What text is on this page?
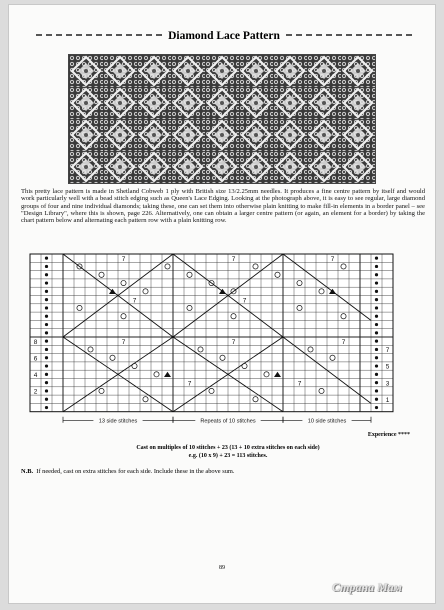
Diamond Lace Pattern
This pretty lace pattern is made in Shetland Cobweb 1 ply with British size 13/2.25mm needles. It produces a fine centre pattern by itself and would work particularly well with a bead stitch edging such as Queen's Lace Edging. Looking at the photograph above, it is easy to see regular, large diamond groups of four and nine individual diamonds; taking these, one can set them into otherwise plain knitting to make fill-in elements in a border panel – see "Design Library", where this is shown, page 226. Alternatively, one can obtain a larger centre pattern (or again, an element for a border) by taking the chart pattern below and alternating each pattern row with a plain knitting row.
7	7	7
7	7	7
7	7
7	7
8
6
4
2
7
5
3
1
13 side stitches	Repeats of 10 stitches	10 side stitches
Experience ****
Cast on multiples of 10 stitches + 23 (13 + 10 extra stitches on each side)
e.g. (10 x 9) + 23 = 113 stitches.
N.B. If needed, cast on extra stitches for each side. Include these in the above sum.
89
Страна Мам
